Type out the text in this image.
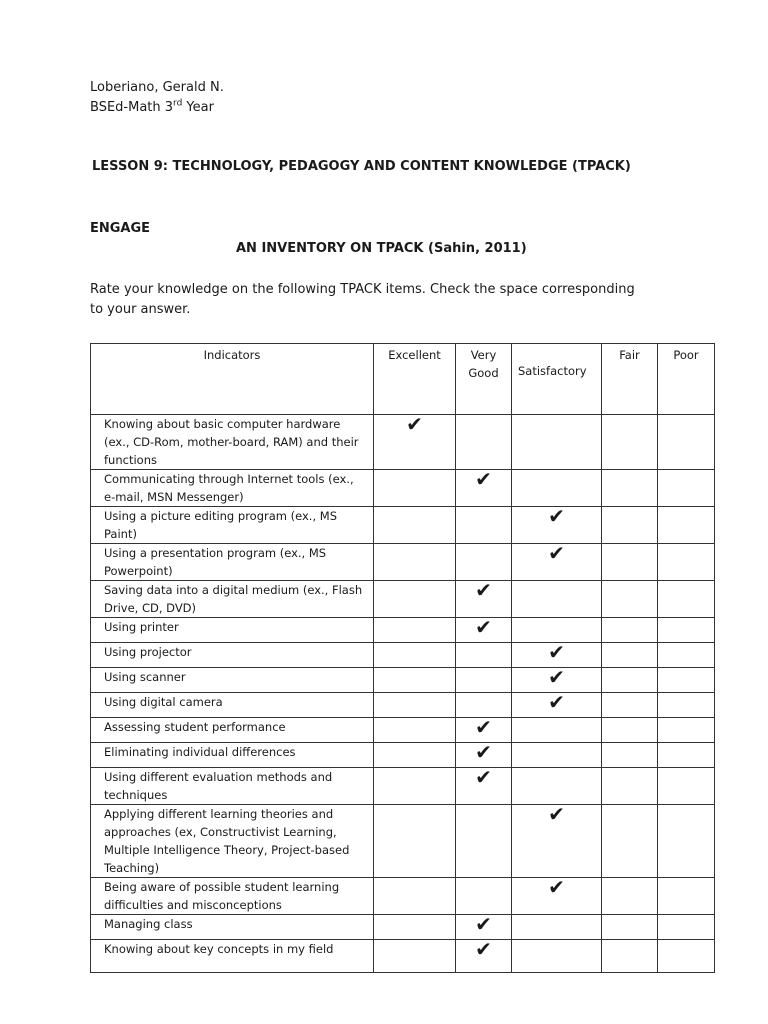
Loberiano, Gerald N.
BSEd-Math 3rd Year
LESSON 9: TECHNOLOGY, PEDAGOGY AND CONTENT KNOWLEDGE (TPACK)
ENGAGE
AN INVENTORY ON TPACK (Sahin, 2011)
Rate your knowledge on the following TPACK items. Check the space corresponding
to your answer.
Indicators	Excellent	Very Good	Satisfactory	Fair	Poor
Knowing about basic computer hardware (ex., CD-Rom, mother-board, RAM) and their functions	✔				
Communicating through Internet tools (ex., e-mail, MSN Messenger)		✔			
Using a picture editing program (ex., MS Paint)			✔		
Using a presentation program (ex., MS Powerpoint)			✔		
Saving data into a digital medium (ex., Flash Drive, CD, DVD)		✔			
Using printer		✔			
Using projector			✔		
Using scanner			✔		
Using digital camera			✔		
Assessing student performance		✔			
Eliminating individual differences		✔			
Using different evaluation methods and techniques		✔			
Applying different learning theories and approaches (ex, Constructivist Learning, Multiple Intelligence Theory, Project-based Teaching)			✔		
Being aware of possible student learning difficulties and misconceptions			✔		
Managing class		✔			
Knowing about key concepts in my field		✔			
